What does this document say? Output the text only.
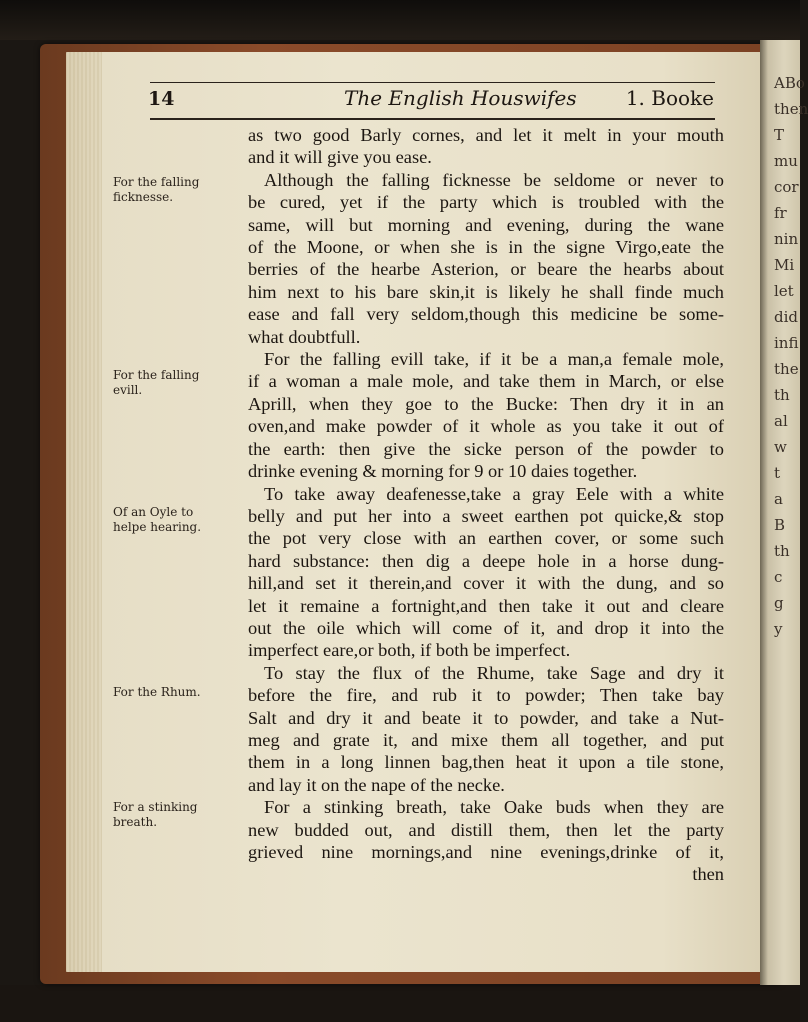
ABo
then
T
mu
cor
fr
nin
Mi
let
did
infi
the
th
al
w
t
a
B
th
c
g
y
14	The English Houswifes 1. Booke
For the falling
ficknesse.
For the falling
evill.
Of an Oyle to
helpe hearing.
For the Rhum.
For a stinking
breath.
as two good Barly cornes, and let it melt in your mouth
and it will give you ease.
Although the falling ficknesse be seldome or never to
be cured, yet if the party which is troubled with the
same, will but morning and evening, during the wane
of the Moone, or when she is in the signe Virgo,eate the
berries of the hearbe Asterion, or beare the hearbs about
him next to his bare skin,it is likely he shall finde much
ease and fall very seldom,though this medicine be some-
what doubtfull.
For the falling evill take, if it be a man,a female mole,
if a woman a male mole, and take them in March, or else
Aprill, when they goe to the Bucke: Then dry it in an
oven,and make powder of it whole as you take it out of
the earth: then give the sicke person of the powder to
drinke evening & morning for 9 or 10 daies together.
To take away deafenesse,take a gray Eele with a white
belly and put her into a sweet earthen pot quicke,& stop
the pot very close with an earthen cover, or some such
hard substance: then dig a deepe hole in a horse dung-
hill,and set it therein,and cover it with the dung, and so
let it remaine a fortnight,and then take it out and cleare
out the oile which will come of it, and drop it into the
imperfect eare,or both, if both be imperfect.
To stay the flux of the Rhume, take Sage and dry it
before the fire, and rub it to powder; Then take bay
Salt and dry it and beate it to powder, and take a Nut-
meg and grate it, and mixe them all together, and put
them in a long linnen bag,then heat it upon a tile stone,
and lay it on the nape of the necke.
For a stinking breath, take Oake buds when they are
new budded out, and distill them, then let the party
grieved nine mornings,and nine evenings,drinke of it,
then
